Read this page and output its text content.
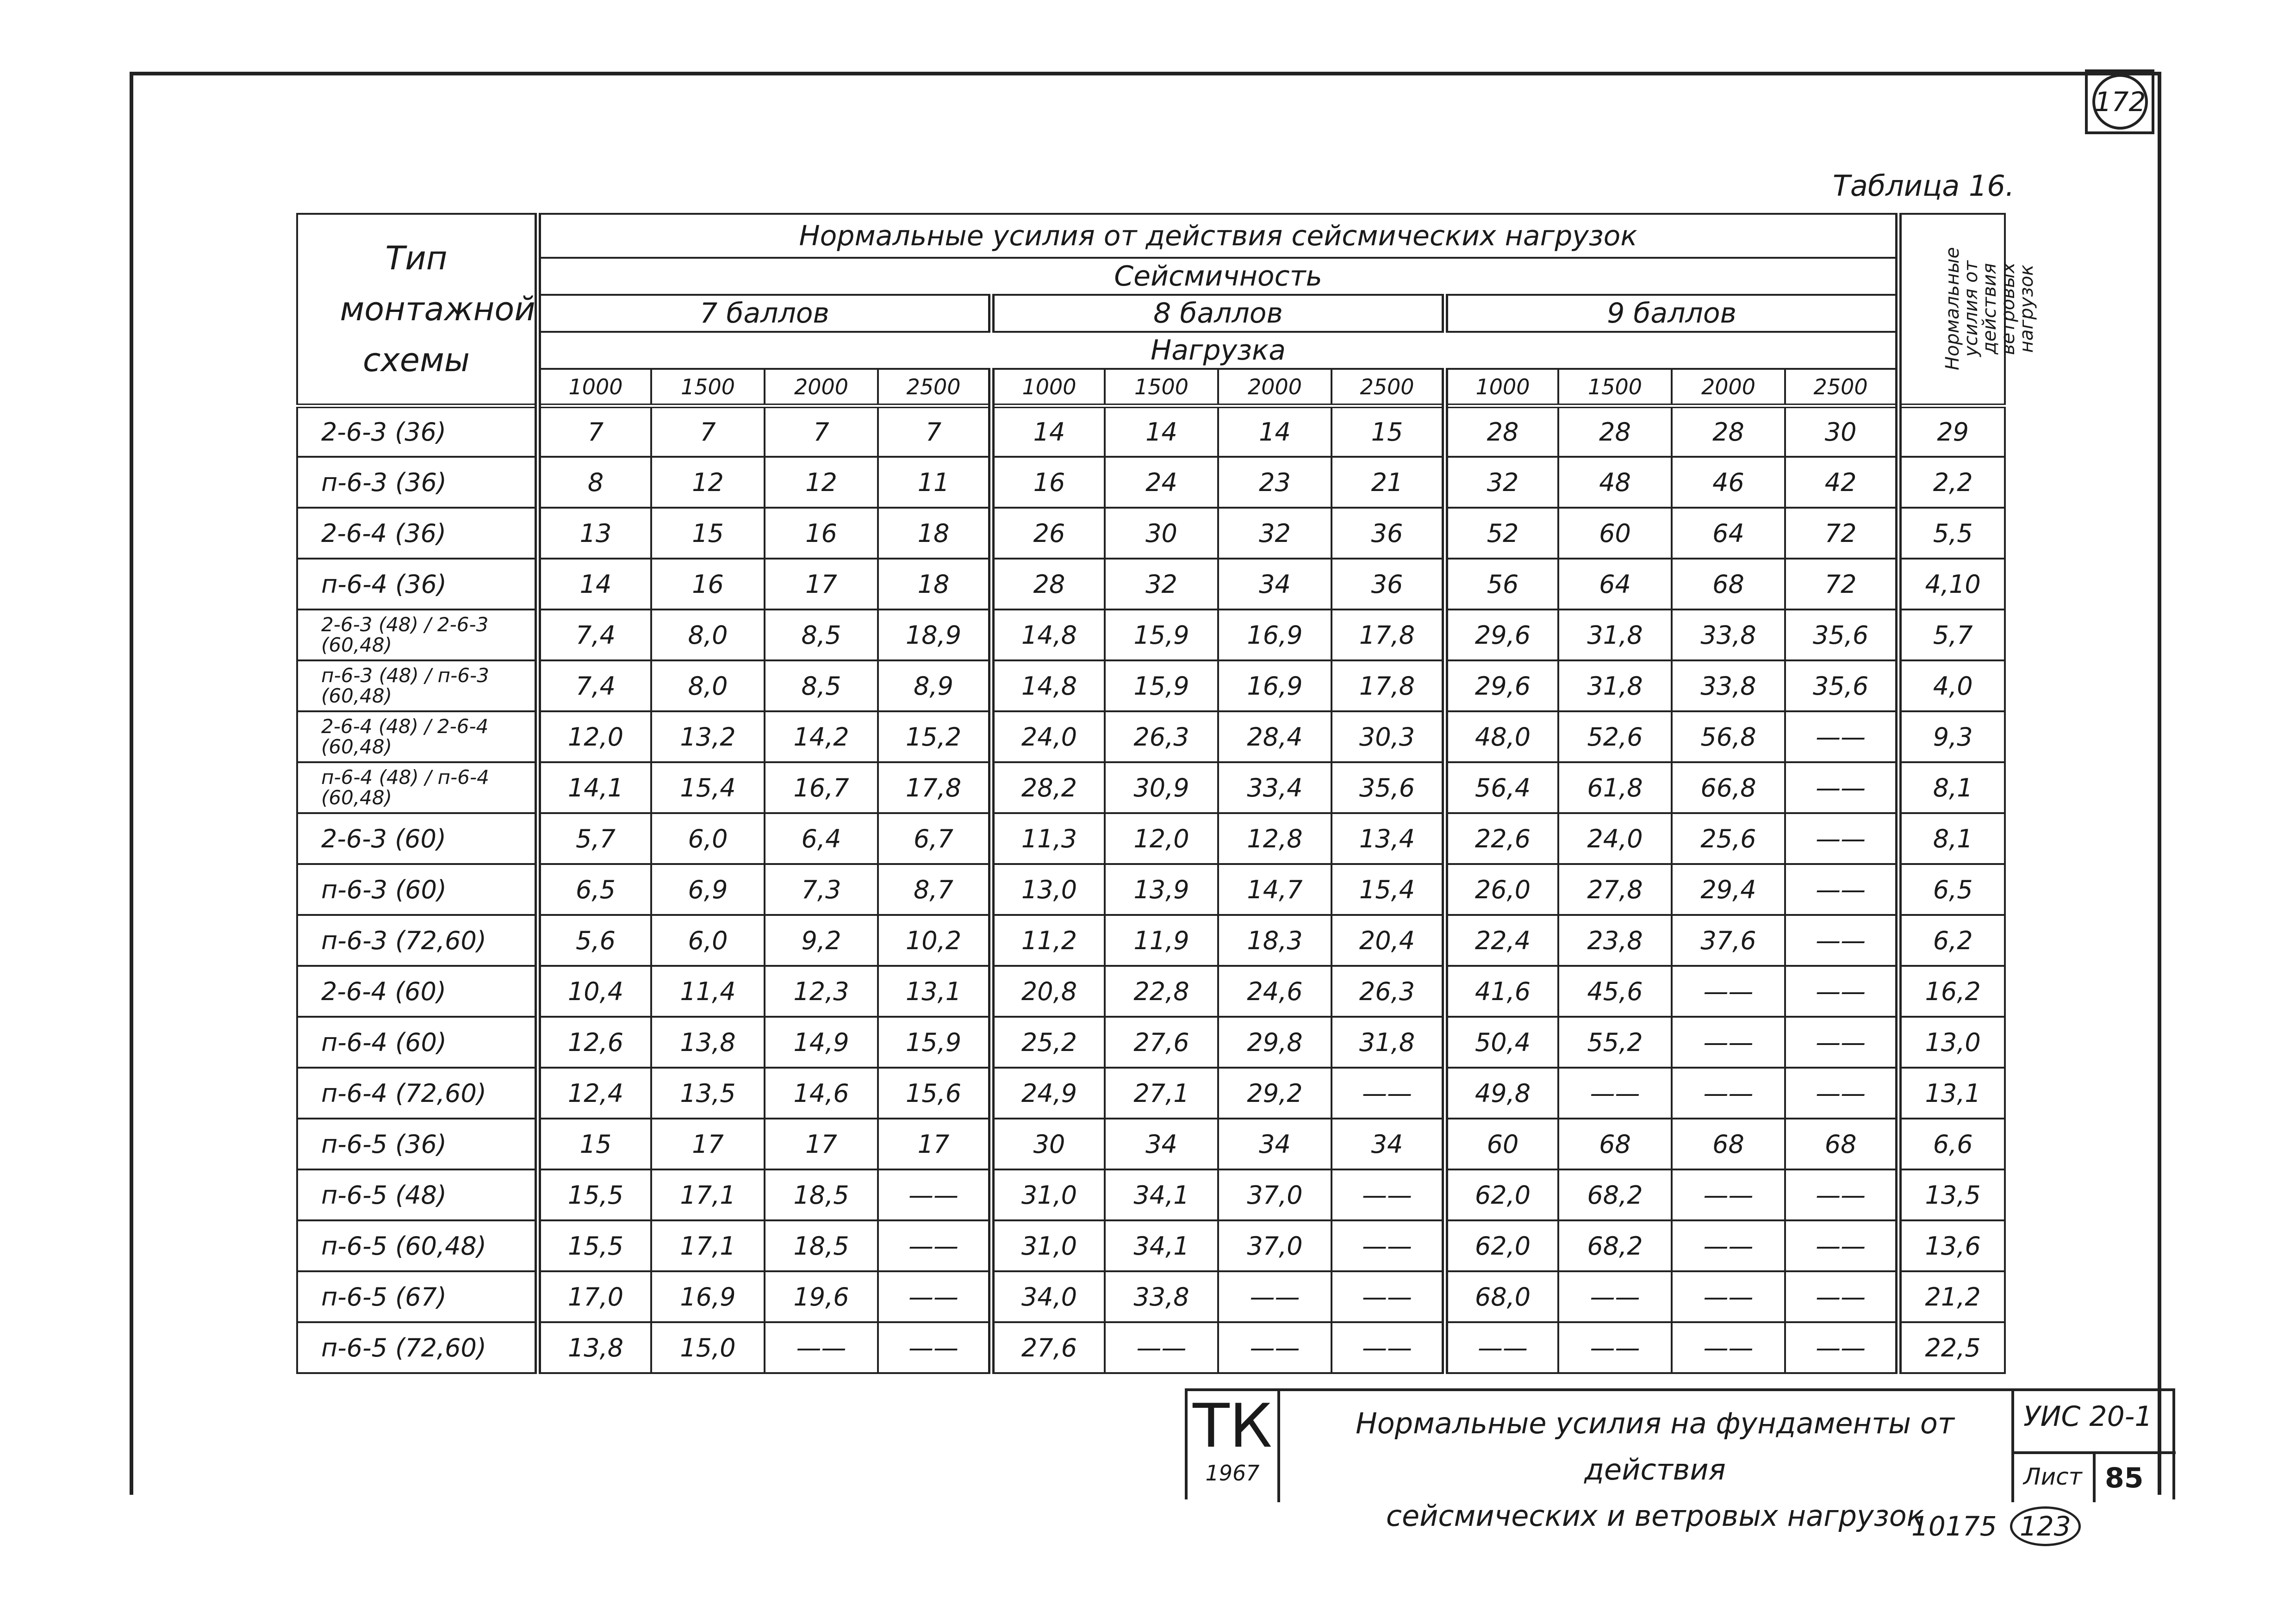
172
Таблица 16.
Тип монтажной схемы	Нормальные усилия от действия сейсмических нагрузок												Нормальные усилия от действия ветровых нагрузок
	Сейсмичность												
	7 баллов				8 баллов				9 баллов				
	Нагрузка												
	1000	1500	2000	2500	1000	1500	2000	2500	1000	1500	2000	2500	
2-6-3 (36)	7	7	7	7	14	14	14	15	28	28	28	30	29
п-6-3 (36)	8	12	12	11	16	24	23	21	32	48	46	42	2,2
2-6-4 (36)	13	15	16	18	26	30	32	36	52	60	64	72	5,5
п-6-4 (36)	14	16	17	18	28	32	34	36	56	64	68	72	4,10
2-6-3 (48) / 2-6-3 (60,48)	7,4	8,0	8,5	18,9	14,8	15,9	16,9	17,8	29,6	31,8	33,8	35,6	5,7
п-6-3 (48) / п-6-3 (60,48)	7,4	8,0	8,5	8,9	14,8	15,9	16,9	17,8	29,6	31,8	33,8	35,6	4,0
2-6-4 (48) / 2-6-4 (60,48)	12,0	13,2	14,2	15,2	24,0	26,3	28,4	30,3	48,0	52,6	56,8	——	9,3
п-6-4 (48) / п-6-4 (60,48)	14,1	15,4	16,7	17,8	28,2	30,9	33,4	35,6	56,4	61,8	66,8	——	8,1
2-6-3 (60)	5,7	6,0	6,4	6,7	11,3	12,0	12,8	13,4	22,6	24,0	25,6	——	8,1
п-6-3 (60)	6,5	6,9	7,3	8,7	13,0	13,9	14,7	15,4	26,0	27,8	29,4	——	6,5
п-6-3 (72,60)	5,6	6,0	9,2	10,2	11,2	11,9	18,3	20,4	22,4	23,8	37,6	——	6,2
2-6-4 (60)	10,4	11,4	12,3	13,1	20,8	22,8	24,6	26,3	41,6	45,6	——	——	16,2
п-6-4 (60)	12,6	13,8	14,9	15,9	25,2	27,6	29,8	31,8	50,4	55,2	——	——	13,0
п-6-4 (72,60)	12,4	13,5	14,6	15,6	24,9	27,1	29,2	——	49,8	——	——	——	13,1
п-6-5 (36)	15	17	17	17	30	34	34	34	60	68	68	68	6,6
п-6-5 (48)	15,5	17,1	18,5	——	31,0	34,1	37,0	——	62,0	68,2	——	——	13,5
п-6-5 (60,48)	15,5	17,1	18,5	——	31,0	34,1	37,0	——	62,0	68,2	——	——	13,6
п-6-5 (67)	17,0	16,9	19,6	——	34,0	33,8	——	——	68,0	——	——	——	21,2
п-6-5 (72,60)	13,8	15,0	——	——	27,6	——	——	——	——	——	——	——	22,5
ТК
1967
Нормальные усилия на фундаменты от действия
сейсмических и ветровых нагрузок
УИС 20-1
Лист 85
10175 123
